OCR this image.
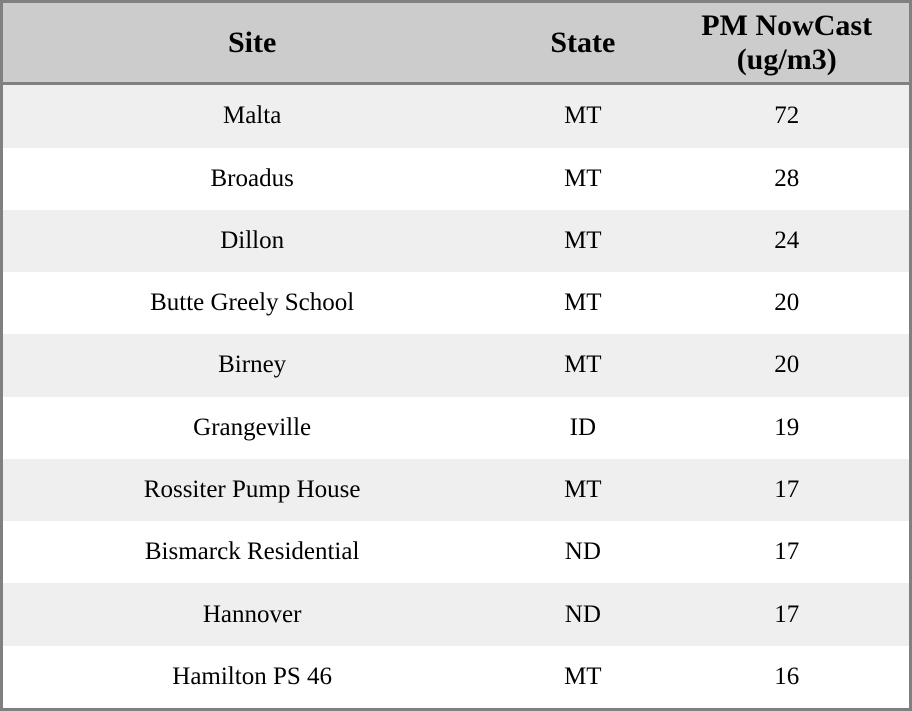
Site	State	PM NowCast (ug/m3)
Malta	MT	72
Broadus	MT	28
Dillon	MT	24
Butte Greely School	MT	20
Birney	MT	20
Grangeville	ID	19
Rossiter Pump House	MT	17
Bismarck Residential	ND	17
Hannover	ND	17
Hamilton PS 46	MT	16
